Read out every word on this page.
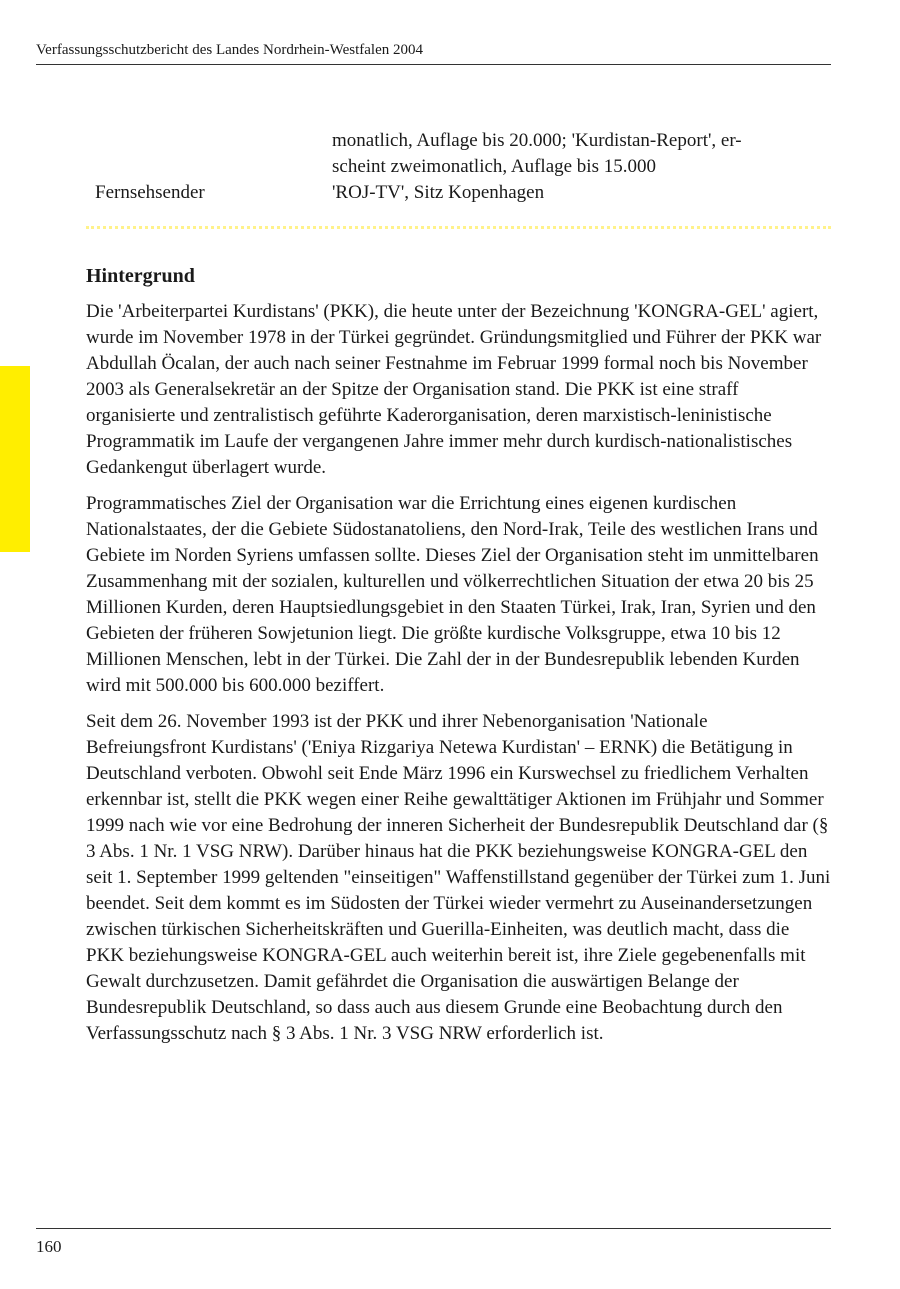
Verfassungsschutzbericht des Landes Nordrhein-Westfalen 2004
monatlich, Auflage bis 20.000; 'Kurdistan-Report', er-
scheint zweimonatlich, Auflage bis 15.000
Fernsehsender	'ROJ-TV', Sitz Kopenhagen
Hintergrund

Die 'Arbeiterpartei Kurdistans' (PKK), die heute unter der Bezeichnung 'KONGRA-GEL' agiert, wurde im November 1978 in der Türkei gegründet. Gründungsmitglied und Führer der PKK war Abdullah Öcalan, der auch nach seiner Festnahme im Februar 1999 formal noch bis November 2003 als Generalsekretär an der Spitze der Organisation stand. Die PKK ist eine straff organisierte und zentralistisch geführte Kaderorganisation, deren marxistisch-leninistische Programmatik im Laufe der vergangenen Jahre immer mehr durch kurdisch-nationalistisches Gedankengut überlagert wurde.

Programmatisches Ziel der Organisation war die Errichtung eines eigenen kurdischen Nationalstaates, der die Gebiete Südostanatoliens, den Nord-Irak, Teile des westlichen Irans und Gebiete im Norden Syriens umfassen sollte. Dieses Ziel der Organisation steht im unmittelbaren Zusammenhang mit der sozialen, kulturellen und völkerrechtlichen Situation der etwa 20 bis 25 Millionen Kurden, deren Hauptsiedlungsgebiet in den Staaten Türkei, Irak, Iran, Syrien und den Gebieten der früheren Sowjetunion liegt. Die größte kurdische Volksgruppe, etwa 10 bis 12 Millionen Menschen, lebt in der Türkei. Die Zahl der in der Bundesrepublik lebenden Kurden wird mit 500.000 bis 600.000 beziffert.

Seit dem 26. November 1993 ist der PKK und ihrer Nebenorganisation 'Nationale Befreiungsfront Kurdistans' ('Eniya Rizgariya Netewa Kurdistan' – ERNK) die Betätigung in Deutschland verboten. Obwohl seit Ende März 1996 ein Kurswechsel zu friedlichem Verhalten erkennbar ist, stellt die PKK wegen einer Reihe gewalttätiger Aktionen im Frühjahr und Sommer 1999 nach wie vor eine Bedrohung der inneren Sicherheit der Bundesrepublik Deutschland dar (§ 3 Abs. 1 Nr. 1 VSG NRW). Darüber hinaus hat die PKK beziehungsweise KONGRA-GEL den seit 1. September 1999 geltenden "einseitigen" Waffenstillstand gegenüber der Türkei zum 1. Juni beendet. Seit dem kommt es im Südosten der Türkei wieder vermehrt zu Auseinandersetzungen zwischen türkischen Sicherheitskräften und Guerilla-Einheiten, was deutlich macht, dass die PKK beziehungsweise KONGRA-GEL auch weiterhin bereit ist, ihre Ziele gegebenenfalls mit Gewalt durchzusetzen. Damit gefährdet die Organisation die auswärtigen Belange der Bundesrepublik Deutschland, so dass auch aus diesem Grunde eine Beobachtung durch den Verfassungsschutz nach § 3 Abs. 1 Nr. 3 VSG NRW erforderlich ist.

160
